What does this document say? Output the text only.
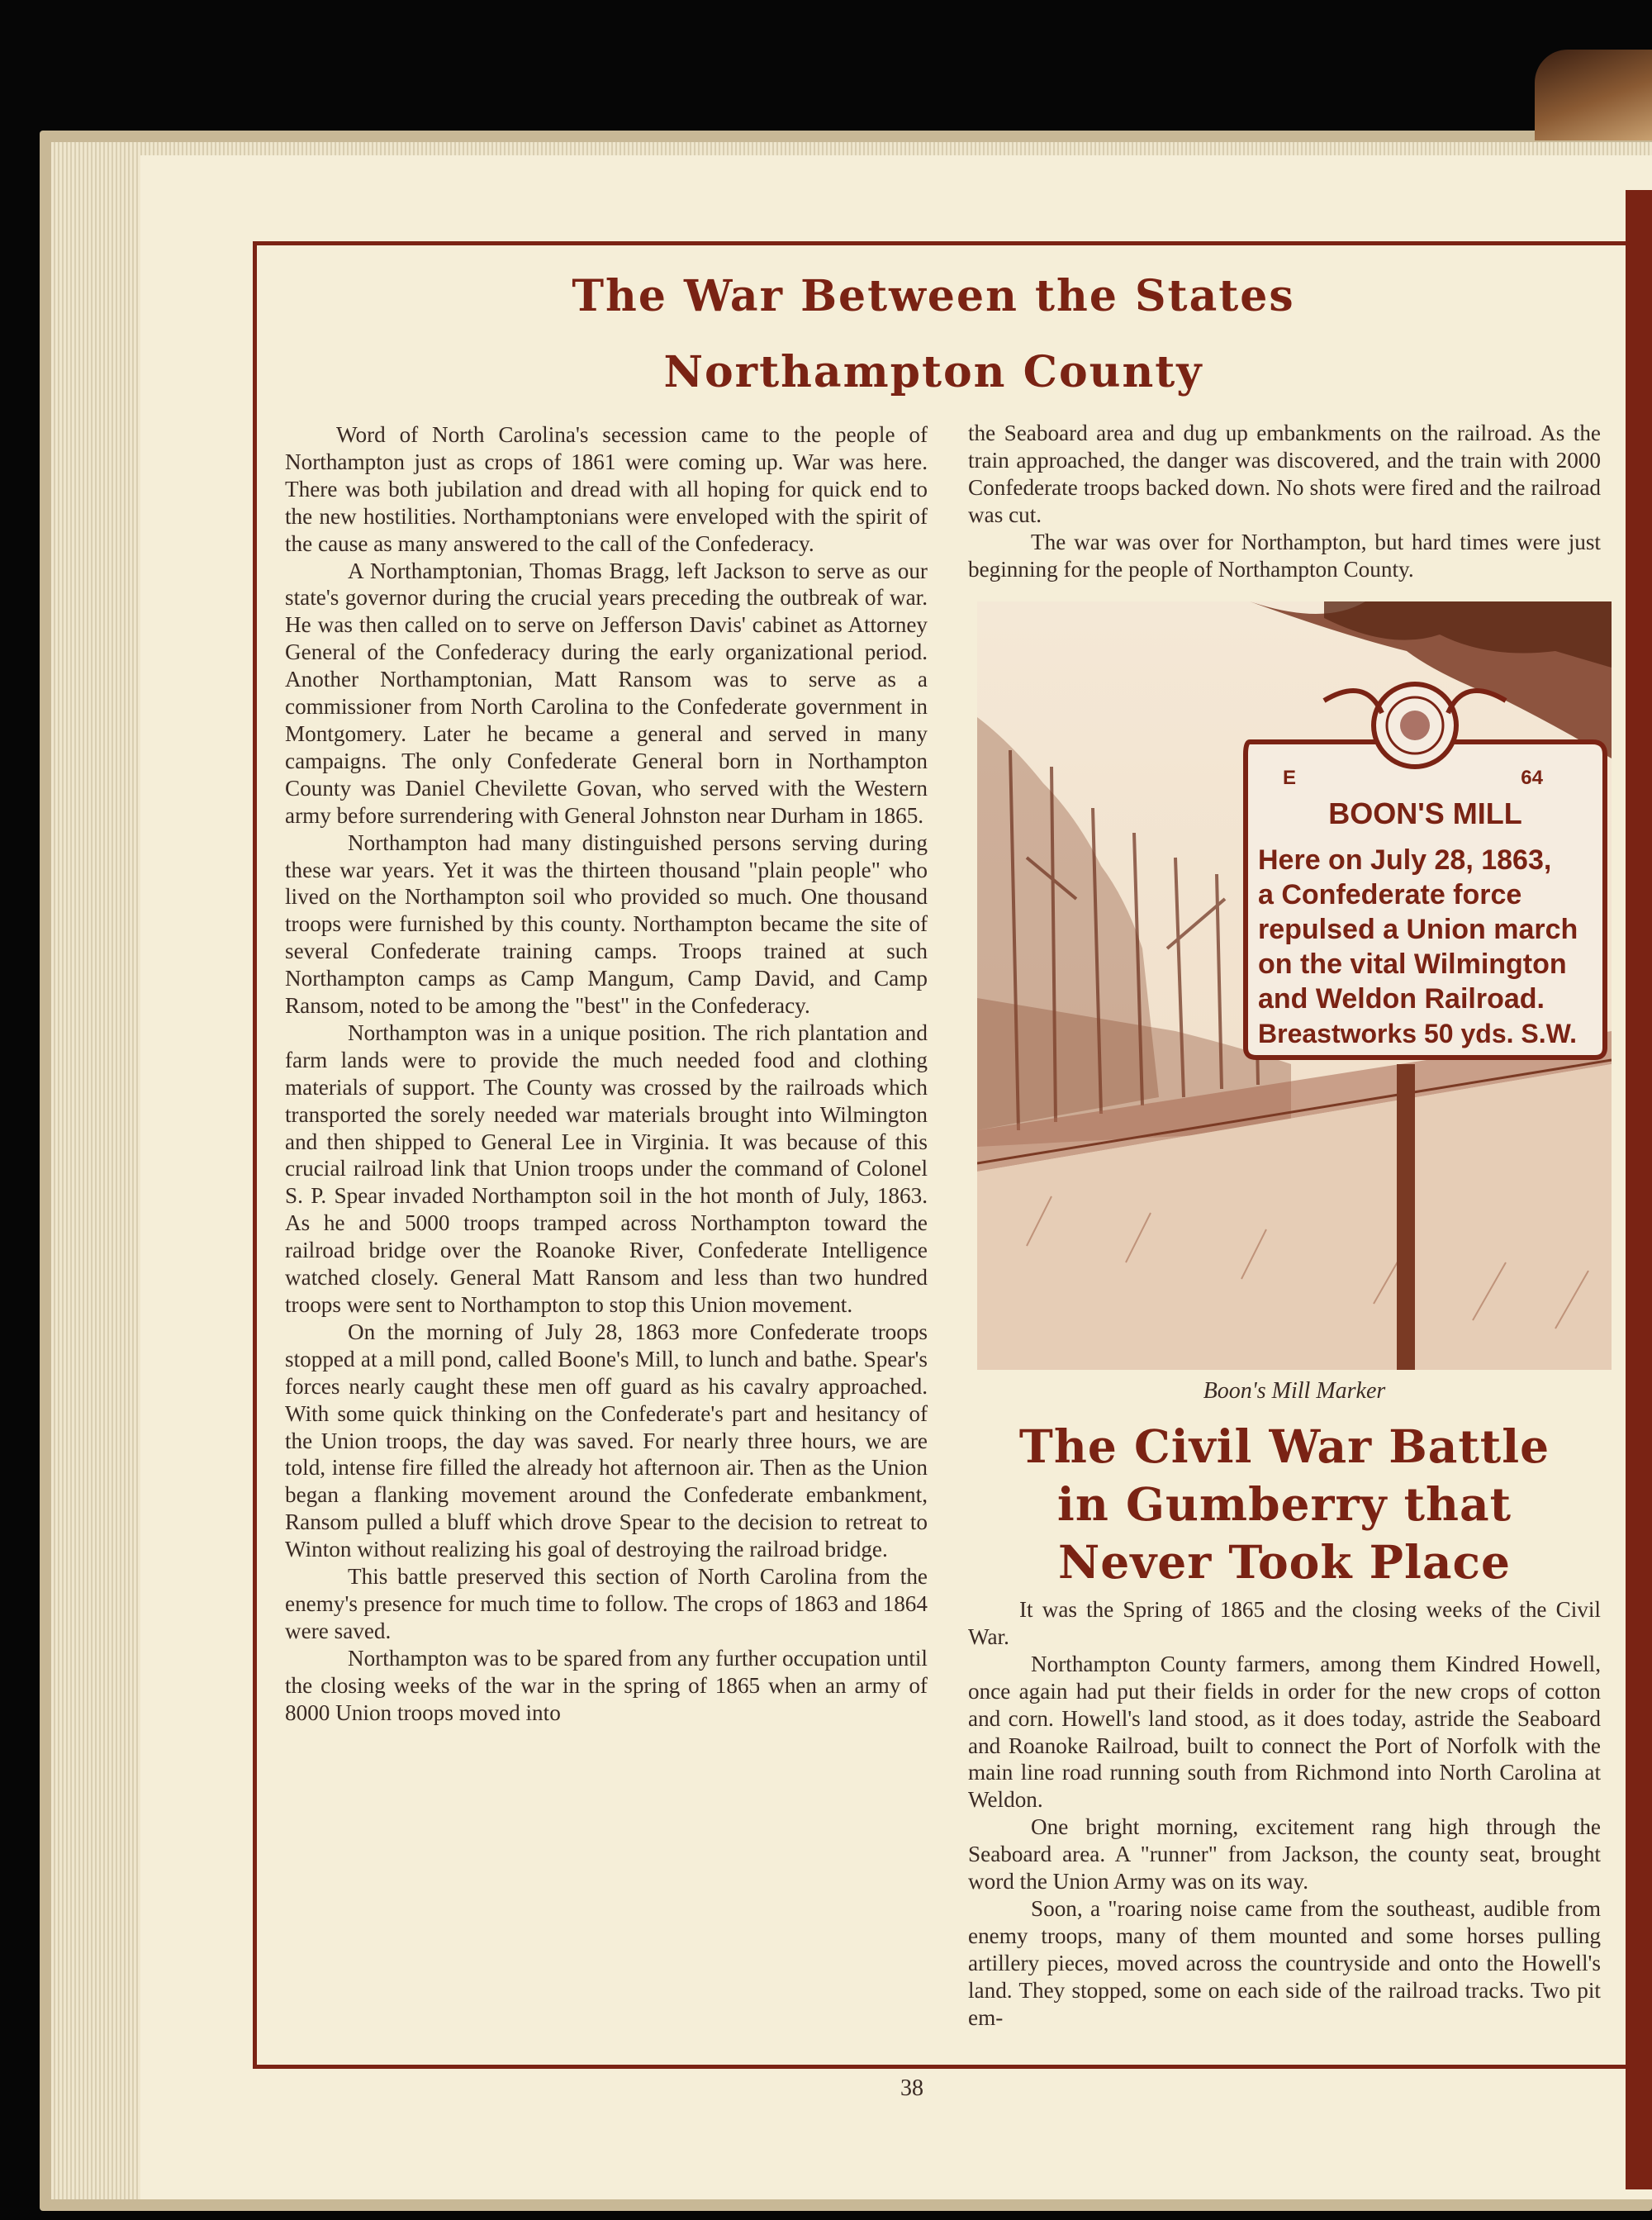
The War Between the States
Northampton County

Word of North Carolina's secession came to the people of Northampton just as crops of 1861 were coming up. War was here. There was both jubilation and dread with all hoping for quick end to the new hostilities. Northamptonians were enveloped with the spirit of the cause as many answered to the call of the Confederacy.

A Northamptonian, Thomas Bragg, left Jackson to serve as our state's governor during the crucial years preceding the outbreak of war. He was then called on to serve on Jefferson Davis' cabinet as Attorney General of the Confederacy during the early organizational period. Another Northamptonian, Matt Ransom was to serve as a commissioner from North Carolina to the Confederate government in Montgomery. Later he became a general and served in many campaigns. The only Confederate General born in Northampton County was Daniel Chevilette Govan, who served with the Western army before surrendering with General Johnston near Durham in 1865.

Northampton had many distinguished persons serving during these war years. Yet it was the thirteen thousand "plain people" who lived on the Northampton soil who provided so much. One thousand troops were furnished by this county. Northampton became the site of several Confederate training camps. Troops trained at such Northampton camps as Camp Mangum, Camp David, and Camp Ransom, noted to be among the "best" in the Confederacy.

Northampton was in a unique position. The rich plantation and farm lands were to provide the much needed food and clothing materials of support. The County was crossed by the railroads which transported the sorely needed war materials brought into Wilmington and then shipped to General Lee in Virginia. It was because of this crucial railroad link that Union troops under the command of Colonel S. P. Spear invaded Northampton soil in the hot month of July, 1863. As he and 5000 troops tramped across Northampton toward the railroad bridge over the Roanoke River, Confederate Intelligence watched closely. General Matt Ransom and less than two hundred troops were sent to Northampton to stop this Union movement.

On the morning of July 28, 1863 more Confederate troops stopped at a mill pond, called Boone's Mill, to lunch and bathe. Spear's forces nearly caught these men off guard as his cavalry approached. With some quick thinking on the Confederate's part and hesitancy of the Union troops, the day was saved. For nearly three hours, we are told, intense fire filled the already hot afternoon air. Then as the Union began a flanking movement around the Confederate embankment, Ransom pulled a bluff which drove Spear to the decision to retreat to Winton without realizing his goal of destroying the railroad bridge.

This battle preserved this section of North Carolina from the enemy's presence for much time to follow. The crops of 1863 and 1864 were saved.

Northampton was to be spared from any further occupation until the closing weeks of the war in the spring of 1865 when an army of 8000 Union troops moved into

the Seaboard area and dug up embankments on the railroad. As the train approached, the danger was discovered, and the train with 2000 Confederate troops backed down. No shots were fired and the railroad was cut.

The war was over for Northampton, but hard times were just beginning for the people of Northampton County.

E	64
BOON'S MILL
Here on July 28, 1863,
a Confederate force
repulsed a Union march
on the vital Wilmington
and Weldon Railroad.
Breastworks 50 yds. S.W.

Boon's Mill Marker

The Civil War Battle
in Gumberry that
Never Took Place

It was the Spring of 1865 and the closing weeks of the Civil War.

Northampton County farmers, among them Kindred Howell, once again had put their fields in order for the new crops of cotton and corn. Howell's land stood, as it does today, astride the Seaboard and Roanoke Railroad, built to connect the Port of Norfolk with the main line road running south from Richmond into North Carolina at Weldon.

One bright morning, excitement rang high through the Seaboard area. A "runner" from Jackson, the county seat, brought word the Union Army was on its way.

Soon, a "roaring noise came from the southeast, audible from enemy troops, many of them mounted and some horses pulling artillery pieces, moved across the countryside and onto the Howell's land. They stopped, some on each side of the railroad tracks. Two pit em-

38
